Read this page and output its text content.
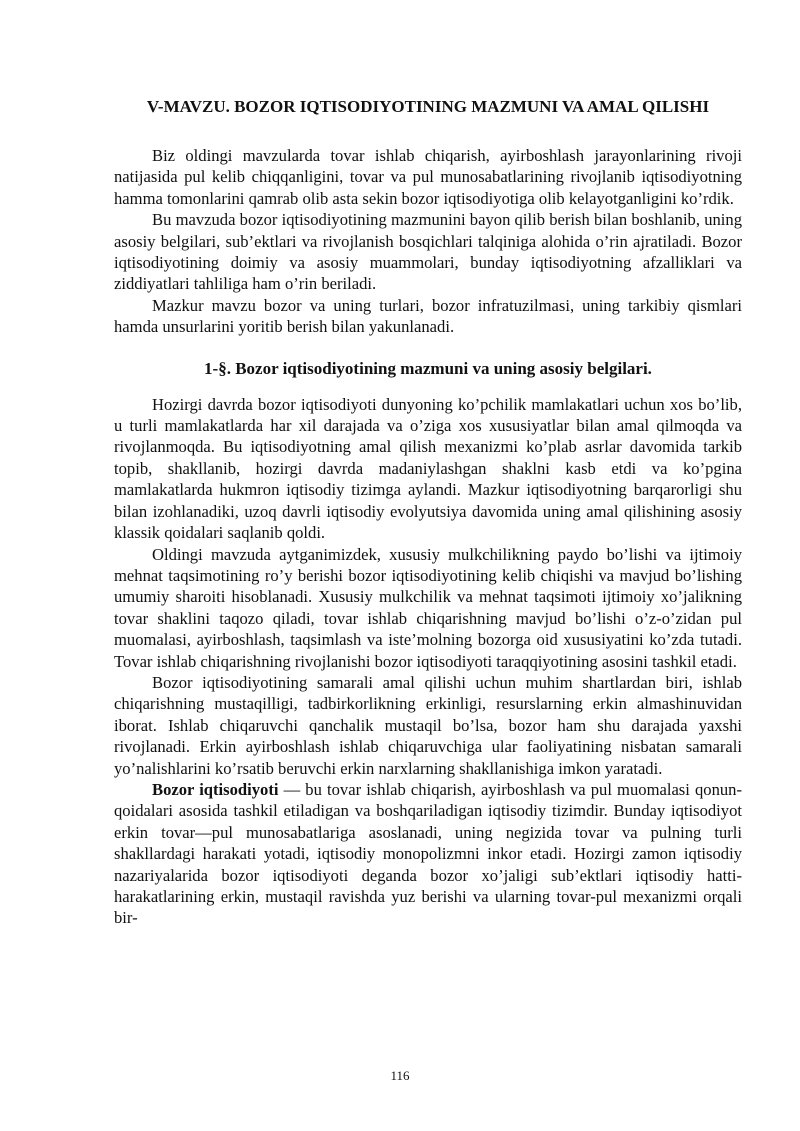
V-MAVZU. BOZOR IQTISODIYOTINING MAZMUNI VA AMAL QILISHI

Biz oldingi mavzularda tovar ishlab chiqarish, ayirboshlash jarayonlarining rivoji natijasida pul kelib chiqqanligini, tovar va pul munosabatlarining rivojlanib iqtisodiyotning hamma tomonlarini qamrab olib asta sekin bozor iqtisodiyotiga olib kelayotganligini ko’rdik.

Bu mavzuda bozor iqtisodiyotining mazmunini bayon qilib berish bilan boshlanib, uning asosiy belgilari, sub’ektlari va rivojlanish bosqichlari talqiniga alohida o’rin ajratiladi. Bozor iqtisodiyotining doimiy va asosiy muammolari, bunday iqtisodiyotning afzalliklari va ziddiyatlari tahliliga ham o’rin beriladi.

Mazkur mavzu bozor va uning turlari, bozor infratuzilmasi, uning tarkibiy qismlari hamda unsurlarini yoritib berish bilan yakunlanadi.

1-§. Bozor iqtisodiyotining mazmuni va uning asosiy belgilari.

Hozirgi davrda bozor iqtisodiyoti dunyoning ko’pchilik mamlakatlari uchun xos bo’lib, u turli mamlakatlarda har xil darajada va o’ziga xos xususiyatlar bilan amal qilmoqda va rivojlanmoqda. Bu iqtisodiyotning amal qilish mexanizmi ko’plab asrlar davomida tarkib topib, shakllanib, hozirgi davrda madaniylashgan shaklni kasb etdi va ko’pgina mamlakatlarda hukmron iqtisodiy tizimga aylandi. Mazkur iqtisodiyotning barqarorligi shu bilan izohlanadiki, uzoq davrli iqtisodiy evolyutsiya davomida uning amal qilishining asosiy klassik qoidalari saqlanib qoldi.

Oldingi mavzuda aytganimizdek, xususiy mulkchilikning paydo bo’lishi va ijtimoiy mehnat taqsimotining ro’y berishi bozor iqtisodiyotining kelib chiqishi va mavjud bo’lishing umumiy sharoiti hisoblanadi. Xususiy mulkchilik va mehnat taqsimoti ijtimoiy xo’jalikning tovar shaklini taqozo qiladi, tovar ishlab chiqarishning mavjud bo’lishi o’z-o’zidan pul muomalasi, ayirboshlash, taqsimlash va iste’molning bozorga oid xususiyatini ko’zda tutadi. Tovar ishlab chiqarishning rivojlanishi bozor iqtisodiyoti taraqqiyotining asosini tashkil etadi.

Bozor iqtisodiyotining samarali amal qilishi uchun muhim shartlardan biri, ishlab chiqarishning mustaqilligi, tadbirkorlikning erkinligi, resurslarning erkin almashinuvidan iborat. Ishlab chiqaruvchi qanchalik mustaqil bo’lsa, bozor ham shu darajada yaxshi rivojlanadi. Erkin ayirboshlash ishlab chiqaruvchiga ular faoliyatining nisbatan samarali yo’nalishlarini ko’rsatib beruvchi erkin narxlarning shakllanishiga imkon yaratadi.

Bozor iqtisodiyoti — bu tovar ishlab chiqarish, ayirboshlash va pul muomalasi qonun-qoidalari asosida tashkil etiladigan va boshqariladigan iqtisodiy tizimdir. Bunday iqtisodiyot erkin tovar—pul munosabatlariga asoslanadi, uning negizida tovar va pulning turli shakllardagi harakati yotadi, iqtisodiy monopolizmni inkor etadi. Hozirgi zamon iqtisodiy nazariyalarida bozor iqtisodiyoti deganda bozor xo’jaligi sub’ektlari iqtisodiy hatti-harakatlarining erkin, mustaqil ravishda yuz berishi va ularning tovar-pul mexanizmi orqali bir-

116
